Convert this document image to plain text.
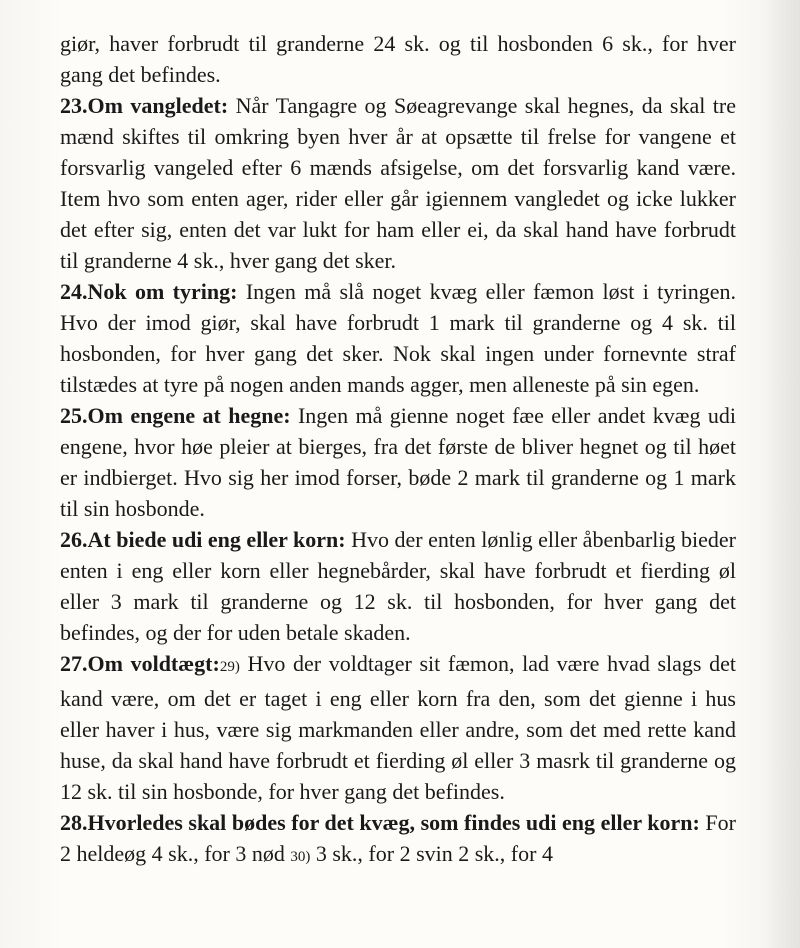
giør, haver forbrudt til granderne 24 sk. og til hosbonden 6 sk., for hver gang det befindes.

23.Om vangledet: Når Tangagre og Søeagrevange skal hegnes, da skal tre mænd skiftes til omkring byen hver år at opsætte til frelse for vangene et forsvarlig vangeled efter 6 mænds afsigelse, om det forsvarlig kand være. Item hvo som enten ager, rider eller går igiennem vangledet og icke lukker det efter sig, enten det var lukt for ham eller ei, da skal hand have forbrudt til granderne 4 sk., hver gang det sker.

24.Nok om tyring: Ingen må slå noget kvæg eller fæmon løst i tyringen. Hvo der imod giør, skal have forbrudt 1 mark til granderne og 4 sk. til hosbonden, for hver gang det sker. Nok skal ingen under fornevnte straf tilstædes at tyre på nogen anden mands agger, men alleneste på sin egen.

25.Om engene at hegne: Ingen må gienne noget fæe eller andet kvæg udi engene, hvor høe pleier at bierges, fra det første de bliver hegnet og til høet er indbierget. Hvo sig her imod forser, bøde 2 mark til granderne og 1 mark til sin hosbonde.

26.At biede udi eng eller korn: Hvo der enten lønlig eller åbenbarlig bieder enten i eng eller korn eller hegnebårder, skal have forbrudt et fierding øl eller 3 mark til granderne og 12 sk. til hosbonden, for hver gang det befindes, og der for uden betale skaden.

27.Om voldtægt:29) Hvo der voldtager sit fæmon, lad være hvad slags det kand være, om det er taget i eng eller korn fra den, som det gienne i hus eller haver i hus, være sig markmanden eller andre, som det med rette kand huse, da skal hand have forbrudt et fierding øl eller 3 masrk til granderne og 12 sk. til sin hosbonde, for hver gang det befindes.

28.Hvorledes skal bødes for det kvæg, som findes udi eng eller korn: For 2 heldeøg 4 sk., for 3 nød 30) 3 sk., for 2 svin 2 sk., for 4
